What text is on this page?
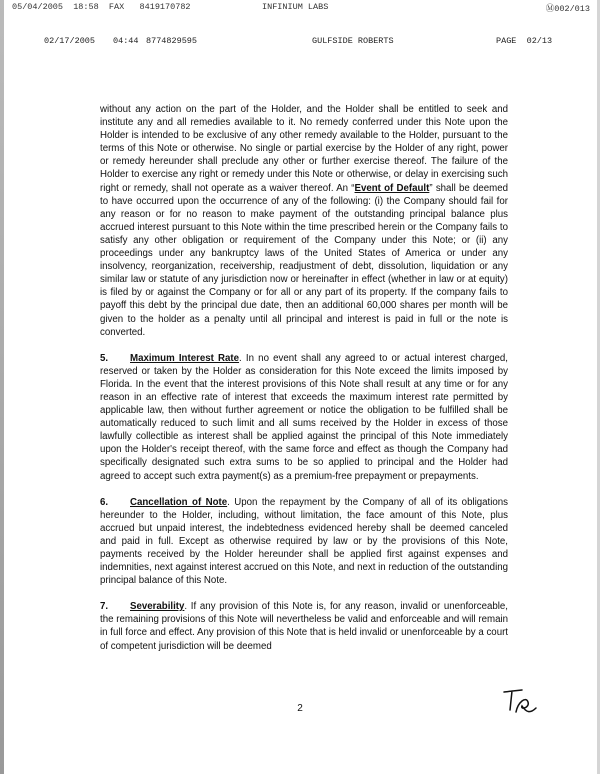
05/04/2005  18:58  FAX   8419170782	INFINIUM LABS	Ⓜ002/013
02/17/2005 04:44 8774829595	GULFSIDE ROBERTS	PAGE  02/13

without any action on the part of the Holder, and the Holder shall be entitled to seek and institute any and all remedies available to it. No remedy conferred under this Note upon the Holder is intended to be exclusive of any other remedy available to the Holder, pursuant to the terms of this Note or otherwise. No single or partial exercise by the Holder of any right, power or remedy hereunder shall preclude any other or further exercise thereof. The failure of the Holder to exercise any right or remedy under this Note or otherwise, or delay in exercising such right or remedy, shall not operate as a waiver thereof. An “Event of Default” shall be deemed to have occurred upon the occurrence of any of the following: (i) the Company should fail for any reason or for no reason to make payment of the outstanding principal balance plus accrued interest pursuant to this Note within the time prescribed herein or the Company fails to satisfy any other obligation or requirement of the Company under this Note; or (ii) any proceedings under any bankruptcy laws of the United States of America or under any insolvency, reorganization, receivership, readjustment of debt, dissolution, liquidation or any similar law or statute of any jurisdiction now or hereinafter in effect (whether in law or at equity) is filed by or against the Company or for all or any part of its property. If the company fails to payoff this debt by the principal due date, then an additional 60,000 shares per month will be given to the holder as a penalty until all principal and interest is paid in full or the note is converted.

5. Maximum Interest Rate. In no event shall any agreed to or actual interest charged, reserved or taken by the Holder as consideration for this Note exceed the limits imposed by Florida. In the event that the interest provisions of this Note shall result at any time or for any reason in an effective rate of interest that exceeds the maximum interest rate permitted by applicable law, then without further agreement or notice the obligation to be fulfilled shall be automatically reduced to such limit and all sums received by the Holder in excess of those lawfully collectible as interest shall be applied against the principal of this Note immediately upon the Holder's receipt thereof, with the same force and effect as though the Company had specifically designated such extra sums to be so applied to principal and the Holder had agreed to accept such extra payment(s) as a premium-free prepayment or prepayments.

6. Cancellation of Note. Upon the repayment by the Company of all of its obligations hereunder to the Holder, including, without limitation, the face amount of this Note, plus accrued but unpaid interest, the indebtedness evidenced hereby shall be deemed canceled and paid in full. Except as otherwise required by law or by the provisions of this Note, payments received by the Holder hereunder shall be applied first against expenses and indemnities, next against interest accrued on this Note, and next in reduction of the outstanding principal balance of this Note.

7. Severability. If any provision of this Note is, for any reason, invalid or unenforceable, the remaining provisions of this Note will nevertheless be valid and enforceable and will remain in full force and effect. Any provision of this Note that is held invalid or unenforceable by a court of competent jurisdiction will be deemed

2
